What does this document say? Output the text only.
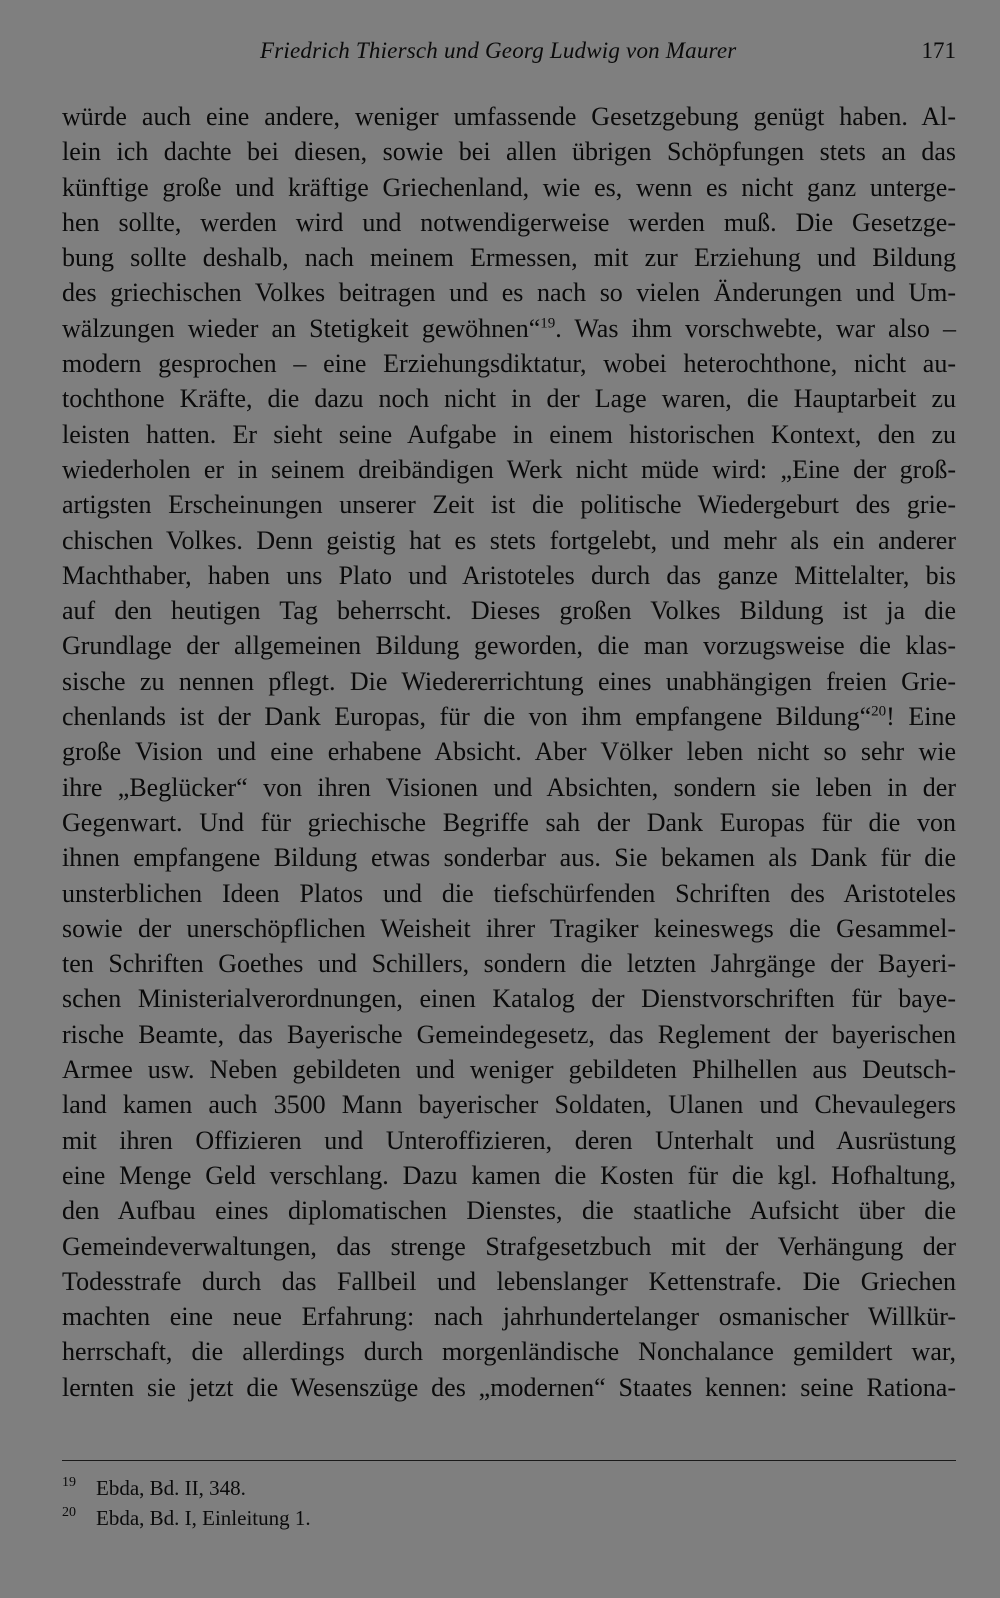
Friedrich Thiersch und Georg Ludwig von Maurer	171
würde auch eine andere, weniger umfassende Gesetzgebung genügt haben. Al-
lein ich dachte bei diesen, sowie bei allen übrigen Schöpfungen stets an das
künftige große und kräftige Griechenland, wie es, wenn es nicht ganz unterge-
hen sollte, werden wird und notwendigerweise werden muß. Die Gesetzge-
bung sollte deshalb, nach meinem Ermessen, mit zur Erziehung und Bildung
des griechischen Volkes beitragen und es nach so vielen Änderungen und Um-
wälzungen wieder an Stetigkeit gewöhnen“$^{19}$. Was ihm vorschwebte, war also –
modern gesprochen – eine Erziehungsdiktatur, wobei heterochthone, nicht au-
tochthone Kräfte, die dazu noch nicht in der Lage waren, die Hauptarbeit zu
leisten hatten. Er sieht seine Aufgabe in einem historischen Kontext, den zu
wiederholen er in seinem dreibändigen Werk nicht müde wird: „Eine der groß-
artigsten Erscheinungen unserer Zeit ist die politische Wiedergeburt des grie-
chischen Volkes. Denn geistig hat es stets fortgelebt, und mehr als ein anderer
Machthaber, haben uns Plato und Aristoteles durch das ganze Mittelalter, bis
auf den heutigen Tag beherrscht. Dieses großen Volkes Bildung ist ja die
Grundlage der allgemeinen Bildung geworden, die man vorzugsweise die klas-
sische zu nennen pflegt. Die Wiedererrichtung eines unabhängigen freien Grie-
chenlands ist der Dank Europas, für die von ihm empfangene Bildung“$^{20}$! Eine
große Vision und eine erhabene Absicht. Aber Völker leben nicht so sehr wie
ihre „Beglücker“ von ihren Visionen und Absichten, sondern sie leben in der
Gegenwart. Und für griechische Begriffe sah der Dank Europas für die von
ihnen empfangene Bildung etwas sonderbar aus. Sie bekamen als Dank für die
unsterblichen Ideen Platos und die tiefschürfenden Schriften des Aristoteles
sowie der unerschöpflichen Weisheit ihrer Tragiker keineswegs die Gesammel-
ten Schriften Goethes und Schillers, sondern die letzten Jahrgänge der Bayeri-
schen Ministerialverordnungen, einen Katalog der Dienstvorschriften für baye-
rische Beamte, das Bayerische Gemeindegesetz, das Reglement der bayerischen
Armee usw. Neben gebildeten und weniger gebildeten Philhellen aus Deutsch-
land kamen auch 3500 Mann bayerischer Soldaten, Ulanen und Chevaulegers
mit ihren Offizieren und Unteroffizieren, deren Unterhalt und Ausrüstung
eine Menge Geld verschlang. Dazu kamen die Kosten für die kgl. Hofhaltung,
den Aufbau eines diplomatischen Dienstes, die staatliche Aufsicht über die
Gemeindeverwaltungen, das strenge Strafgesetzbuch mit der Verhängung der
Todesstrafe durch das Fallbeil und lebenslanger Kettenstrafe. Die Griechen
machten eine neue Erfahrung: nach jahrhundertelanger osmanischer Willkür-
herrschaft, die allerdings durch morgenländische Nonchalance gemildert war,
lernten sie jetzt die Wesenszüge des „modernen“ Staates kennen: seine Rationa-
19 Ebda, Bd. II, 348.
20 Ebda, Bd. I, Einleitung 1.
